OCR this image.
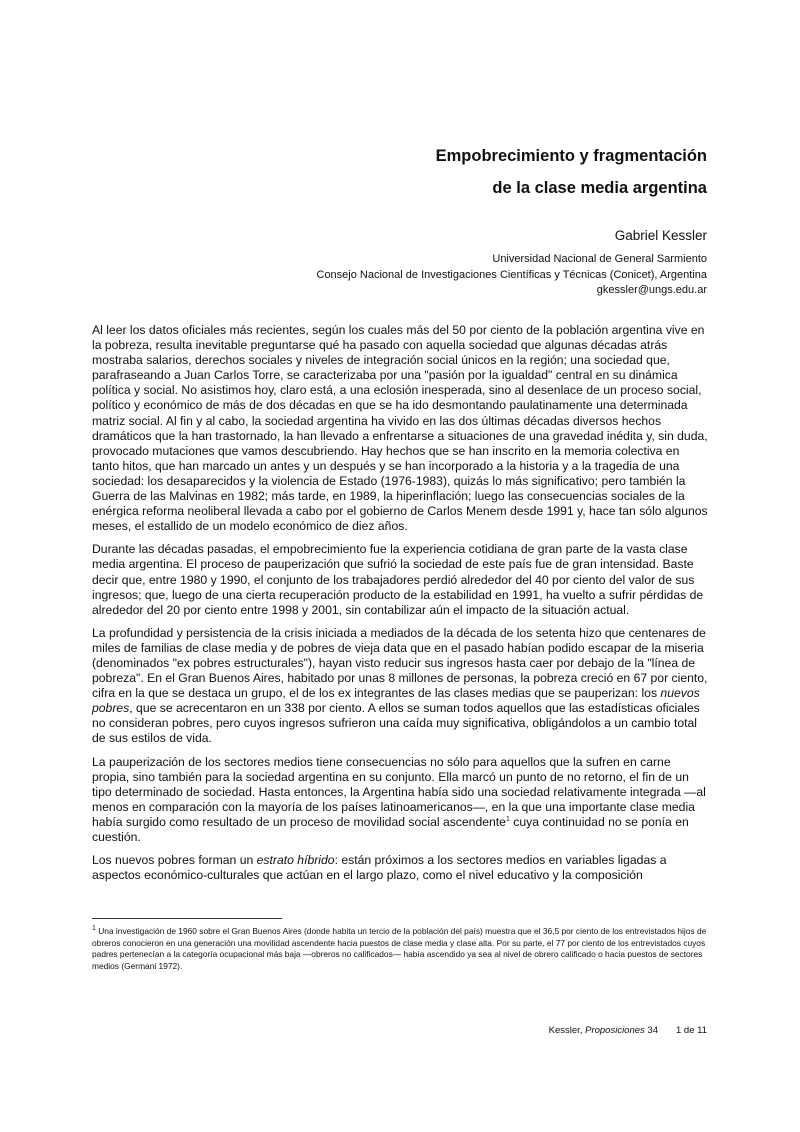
Empobrecimiento y fragmentación
de la clase media argentina

Gabriel Kessler

Universidad Nacional de General Sarmiento
Consejo Nacional de Investigaciones Científicas y Técnicas (Conicet), Argentina
gkessler@ungs.edu.ar

Al leer los datos oficiales más recientes, según los cuales más del 50 por ciento de la población argentina vive en la pobreza, resulta inevitable preguntarse qué ha pasado con aquella sociedad que algunas décadas atrás mostraba salarios, derechos sociales y niveles de integración social únicos en la región; una sociedad que, parafraseando a Juan Carlos Torre, se caracterizaba por una "pasión por la igualdad" central en su dinámica política y social. No asistimos hoy, claro está, a una eclosión inesperada, sino al desenlace de un proceso social, político y económico de más de dos décadas en que se ha ido desmontando paulatinamente una determinada matriz social. Al fin y al cabo, la sociedad argentina ha vivido en las dos últimas décadas diversos hechos dramáticos que la han trastornado, la han llevado a enfrentarse a situaciones de una gravedad inédita y, sin duda, provocado mutaciones que vamos descubriendo. Hay hechos que se han inscrito en la memoria colectiva en tanto hitos, que han marcado un antes y un después y se han incorporado a la historia y a la tragedia de una sociedad: los desaparecidos y la violencia de Estado (1976-1983), quizás lo más significativo; pero también la Guerra de las Malvinas en 1982; más tarde, en 1989, la hiperinflación; luego las consecuencias sociales de la enérgica reforma neoliberal llevada a cabo por el gobierno de Carlos Menem desde 1991 y, hace tan sólo algunos meses, el estallido de un modelo económico de diez años.

Durante las décadas pasadas, el empobrecimiento fue la experiencia cotidiana de gran parte de la vasta clase media argentina. El proceso de pauperización que sufrió la sociedad de este país fue de gran intensidad. Baste decir que, entre 1980 y 1990, el conjunto de los trabajadores perdió alrededor del 40 por ciento del valor de sus ingresos; que, luego de una cierta recuperación producto de la estabilidad en 1991, ha vuelto a sufrir pérdidas de alrededor del 20 por ciento entre 1998 y 2001, sin contabilizar aún el impacto de la situación actual.

La profundidad y persistencia de la crisis iniciada a mediados de la década de los setenta hizo que centenares de miles de familias de clase media y de pobres de vieja data que en el pasado habían podido escapar de la miseria (denominados "ex pobres estructurales"), hayan visto reducir sus ingresos hasta caer por debajo de la "línea de pobreza". En el Gran Buenos Aires, habitado por unas 8 millones de personas, la pobreza creció en 67 por ciento, cifra en la que se destaca un grupo, el de los ex integrantes de las clases medias que se pauperizan: los nuevos pobres, que se acrecentaron en un 338 por ciento. A ellos se suman todos aquellos que las estadísticas oficiales no consideran pobres, pero cuyos ingresos sufrieron una caída muy significativa, obligándolos a un cambio total de sus estilos de vida.

La pauperización de los sectores medios tiene consecuencias no sólo para aquellos que la sufren en carne propia, sino también para la sociedad argentina en su conjunto. Ella marcó un punto de no retorno, el fin de un tipo determinado de sociedad. Hasta entonces, la Argentina había sido una sociedad relativamente integrada —al menos en comparación con la mayoría de los países latinoamericanos—, en la que una importante clase media había surgido como resultado de un proceso de movilidad social ascendente$^1$ cuya continuidad no se ponía en cuestión.

Los nuevos pobres forman un estrato híbrido: están próximos a los sectores medios en variables ligadas a aspectos económico-culturales que actúan en el largo plazo, como el nivel educativo y la composición

$^1$ Una investigación de 1960 sobre el Gran Buenos Aires (donde habita un tercio de la población del país) muestra que el 36,5 por ciento de los entrevistados hijos de obreros conocieron en una generación una movilidad ascendente hacia puestos de clase media y clase alta. Por su parte, el 77 por ciento de los entrevistados cuyos padres pertenecían a la categoría ocupacional más baja —obreros no calificados— había ascendido ya sea al nivel de obrero calificado o hacia puestos de sectores medios (Germani 1972).
Kessler, Proposiciones 34 1 de 11
